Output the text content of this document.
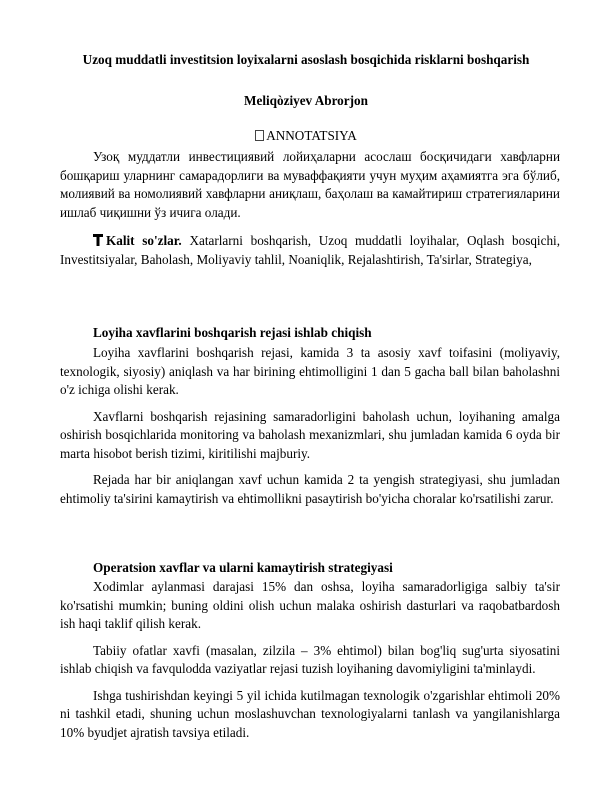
Uzoq muddatli investitsion loyixalarni asoslash bosqichida risklarni boshqarish
Meliqòziyev Abrorjon
ANNOTATSIYA

Узоқ муддатли инвестициявий лойиҳаларни асослаш босқичидаги хавфларни бошқариш уларнинг самарадорлиги ва муваффақияти учун муҳим аҳамиятга эга бўлиб, молиявий ва номолиявий хавфларни аниқлаш, баҳолаш ва камайтириш стратегияларини ишлаб чиқишни ўз ичига олади.

Kalit so'zlar. Xatarlarni boshqarish, Uzoq muddatli loyihalar, Oqlash bosqichi, Investitsiyalar, Baholash, Moliyaviy tahlil, Noaniqlik, Rejalashtirish, Ta'sirlar, Strategiya,

Loyiha xavflarini boshqarish rejasi ishlab chiqish

Loyiha xavflarini boshqarish rejasi, kamida 3 ta asosiy xavf toifasini (moliyaviy, texnologik, siyosiy) aniqlash va har birining ehtimolligini 1 dan 5 gacha ball bilan baholashni o'z ichiga olishi kerak.

Xavflarni boshqarish rejasining samaradorligini baholash uchun, loyihaning amalga oshirish bosqichlarida monitoring va baholash mexanizmlari, shu jumladan kamida 6 oyda bir marta hisobot berish tizimi, kiritilishi majburiy.

Rejada har bir aniqlangan xavf uchun kamida 2 ta yengish strategiyasi, shu jumladan ehtimoliy ta'sirini kamaytirish va ehtimollikni pasaytirish bo'yicha choralar ko'rsatilishi zarur.

Operatsion xavflar va ularni kamaytirish strategiyasi

Xodimlar aylanmasi darajasi 15% dan oshsa, loyiha samaradorligiga salbiy ta'sir ko'rsatishi mumkin; buning oldini olish uchun malaka oshirish dasturlari va raqobatbardosh ish haqi taklif qilish kerak.

Tabiiy ofatlar xavfi (masalan, zilzila – 3% ehtimol) bilan bog'liq sug'urta siyosatini ishlab chiqish va favqulodda vaziyatlar rejasi tuzish loyihaning davomiyligini ta'minlaydi.

Ishga tushirishdan keyingi 5 yil ichida kutilmagan texnologik o'zgarishlar ehtimoli 20% ni tashkil etadi, shuning uchun moslashuvchan texnologiyalarni tanlash va yangilanishlarga 10% byudjet ajratish tavsiya etiladi.
